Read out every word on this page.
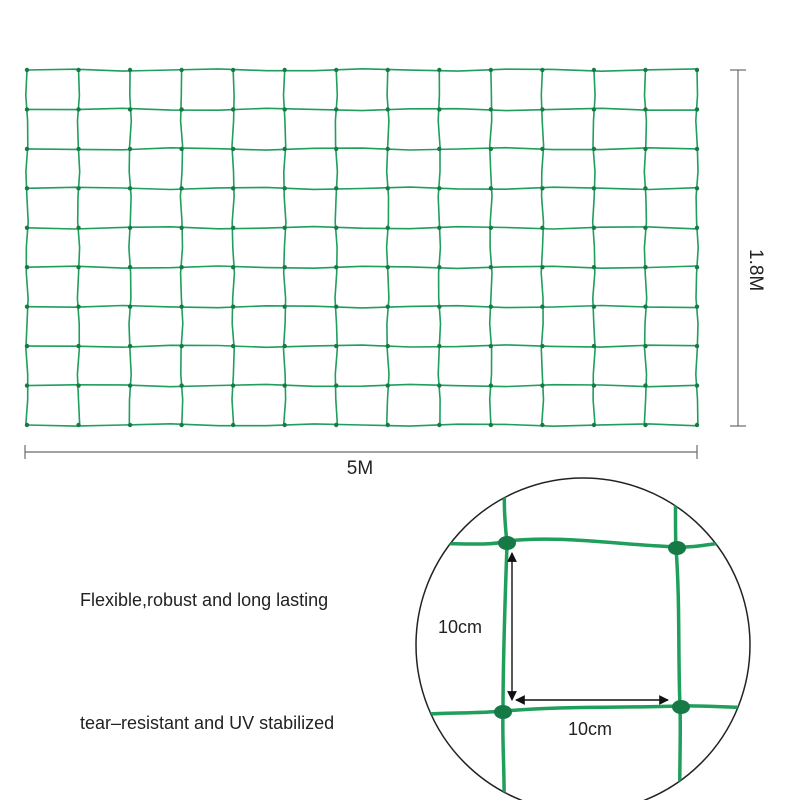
5M
1.8M
Flexible,robust and long lasting
tear–resistant and UV stabilized
10cm
10cm
